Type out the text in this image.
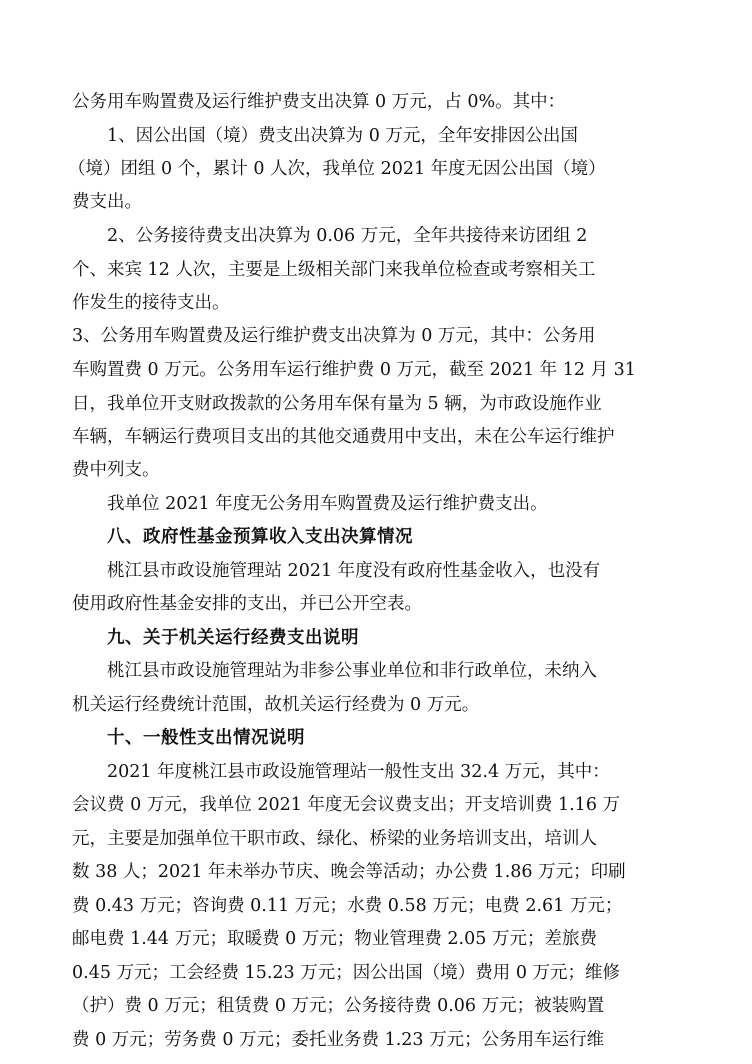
公务用车购置费及运行维护费支出决算 0 万元，占 0%。其中：

1、因公出国（境）费支出决算为 0 万元，全年安排因公出国

（境）团组 0 个，累计 0 人次，我单位 2021 年度无因公出国（境）

费支出。

2、公务接待费支出决算为 0.06 万元，全年共接待来访团组 2

个、来宾 12 人次，主要是上级相关部门来我单位检查或考察相关工

作发生的接待支出。

3、公务用车购置费及运行维护费支出决算为 0 万元，其中：公务用

车购置费 0 万元。公务用车运行维护费 0 万元，截至 2021 年 12 月 31

日，我单位开支财政拨款的公务用车保有量为 5 辆，为市政设施作业

车辆，车辆运行费项目支出的其他交通费用中支出，未在公车运行维护

费中列支。

我单位 2021 年度无公务用车购置费及运行维护费支出。

八、政府性基金预算收入支出决算情况

桃江县市政设施管理站 2021 年度没有政府性基金收入，也没有

使用政府性基金安排的支出，并已公开空表。

九、关于机关运行经费支出说明

桃江县市政设施管理站为非参公事业单位和非行政单位，未纳入

机关运行经费统计范围，故机关运行经费为 0 万元。

十、一般性支出情况说明

2021 年度桃江县市政设施管理站一般性支出 32.4 万元，其中：

会议费 0 万元，我单位 2021 年度无会议费支出；开支培训费 1.16 万

元，主要是加强单位干职市政、绿化、桥梁的业务培训支出，培训人

数 38 人；2021 年未举办节庆、晚会等活动；办公费 1.86 万元；印刷

费 0.43 万元；咨询费 0.11 万元；水费 0.58 万元；电费 2.61 万元；

邮电费 1.44 万元；取暖费 0 万元；物业管理费 2.05 万元；差旅费

0.45 万元；工会经费 15.23 万元；因公出国（境）费用 0 万元；维修

（护）费 0 万元；租赁费 0 万元；公务接待费 0.06 万元；被装购置

费 0 万元；劳务费 0 万元；委托业务费 1.23 万元；公务用车运行维
